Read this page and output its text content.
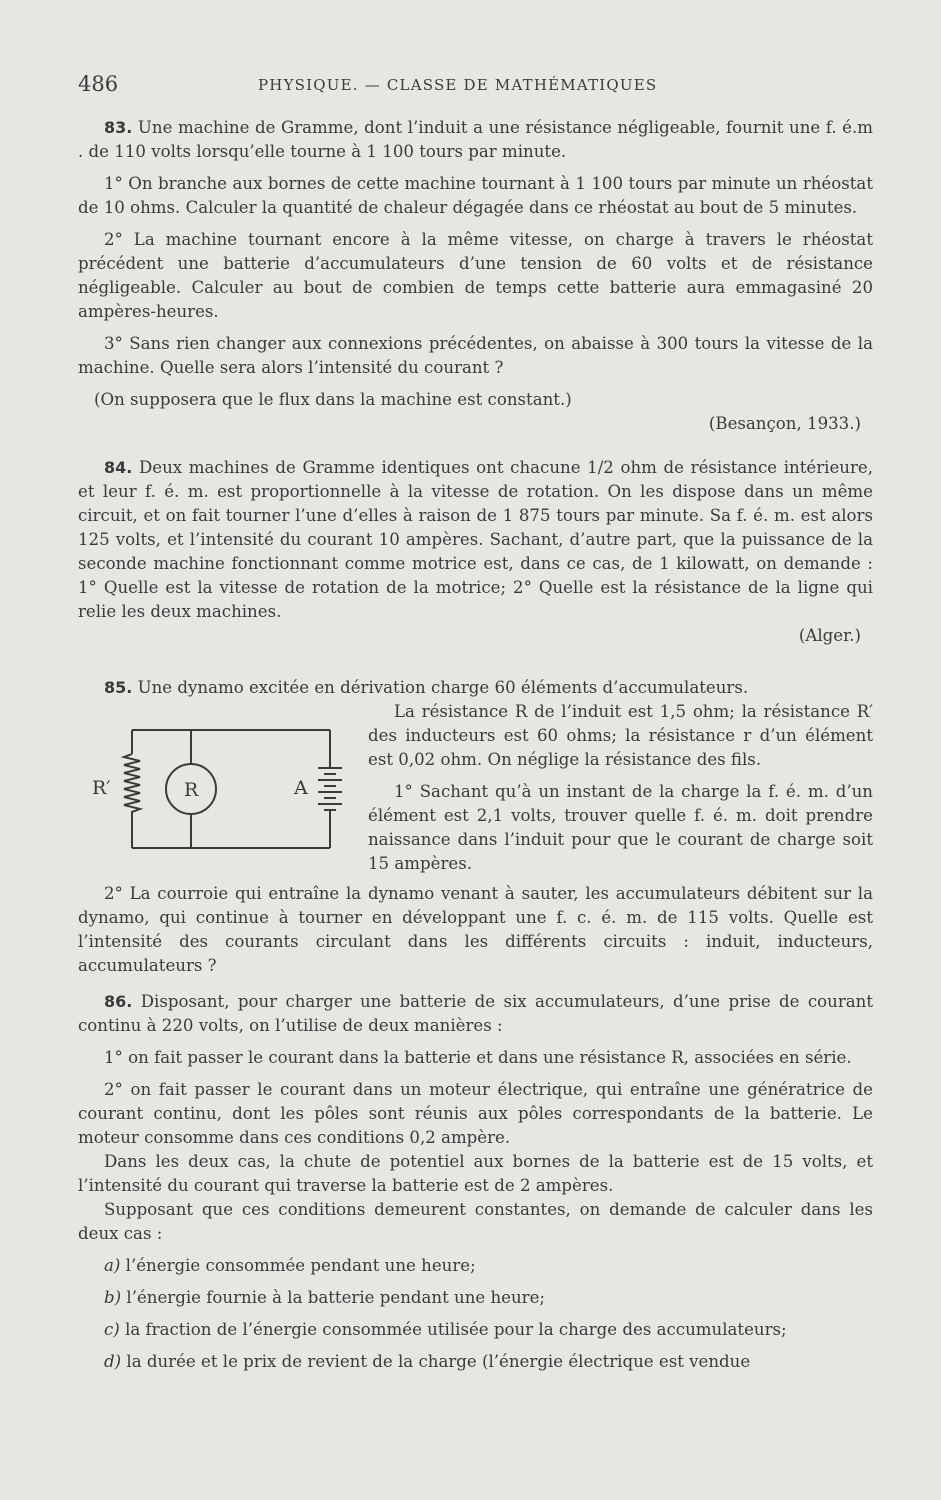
486	PHYSIQUE. — CLASSE DE MATHÉMATIQUES

83. Une machine de Gramme, dont l’induit a une résistance négligeable, fournit une f. é.m . de 110 volts lorsqu’elle tourne à 1 100 tours par minute.

1° On branche aux bornes de cette machine tournant à 1 100 tours par minute un rhéostat de 10 ohms. Calculer la quantité de chaleur dégagée dans ce rhéostat au bout de 5 minutes.

2° La machine tournant encore à la même vitesse, on charge à travers le rhéostat précédent une batterie d’accumulateurs d’une tension de 60 volts et de résistance négligeable. Calculer au bout de combien de temps cette batterie aura emmagasiné 20 ampères-heures.

3° Sans rien changer aux connexions précédentes, on abaisse à 300 tours la vitesse de la machine. Quelle sera alors l’intensité du courant ?

(On supposera que le flux dans la machine est constant.)

(Besançon, 1933.)

84. Deux machines de Gramme identiques ont chacune 1/2 ohm de résistance intérieure, et leur f. é. m. est proportionnelle à la vitesse de rotation. On les dispose dans un même circuit, et on fait tourner l’une d’elles à raison de 1 875 tours par minute. Sa f. é. m. est alors 125 volts, et l’intensité du courant 10 ampères. Sachant, d’autre part, que la puissance de la seconde machine fonctionnant comme motrice est, dans ce cas, de 1 kilowatt, on demande : 1° Quelle est la vitesse de rotation de la motrice; 2° Quelle est la résistance de la ligne qui relie les deux machines.

(Alger.)

85. Une dynamo excitée en dérivation charge 60 éléments d’accumulateurs.

R′	R	A

La résistance R de l’induit est 1,5 ohm; la résistance R′ des inducteurs est 60 ohms; la résistance r d’un élément est 0,02 ohm. On néglige la résistance des fils.

1° Sachant qu’à un instant de la charge la f. é. m. d’un élément est 2,1 volts, trouver quelle f. é. m. doit prendre naissance dans l’induit pour que le courant de charge soit 15 ampères.

2° La courroie qui entraîne la dynamo venant à sauter, les accumulateurs débitent sur la dynamo, qui continue à tourner en développant une f. c. é. m. de 115 volts. Quelle est l’intensité des courants circulant dans les différents circuits : induit, inducteurs, accumulateurs ?

86. Disposant, pour charger une batterie de six accumulateurs, d’une prise de courant continu à 220 volts, on l’utilise de deux manières :

1° on fait passer le courant dans la batterie et dans une résistance R, associées en série.

2° on fait passer le courant dans un moteur électrique, qui entraîne une génératrice de courant continu, dont les pôles sont réunis aux pôles correspondants de la batterie. Le moteur consomme dans ces conditions 0,2 ampère.

Dans les deux cas, la chute de potentiel aux bornes de la batterie est de 15 volts, et l’intensité du courant qui traverse la batterie est de 2 ampères.

Supposant que ces conditions demeurent constantes, on demande de calculer dans les deux cas :

a) l’énergie consommée pendant une heure;

b) l’énergie fournie à la batterie pendant une heure;

c) la fraction de l’énergie consommée utilisée pour la charge des accumulateurs;

d) la durée et le prix de revient de la charge (l’énergie électrique est vendue
